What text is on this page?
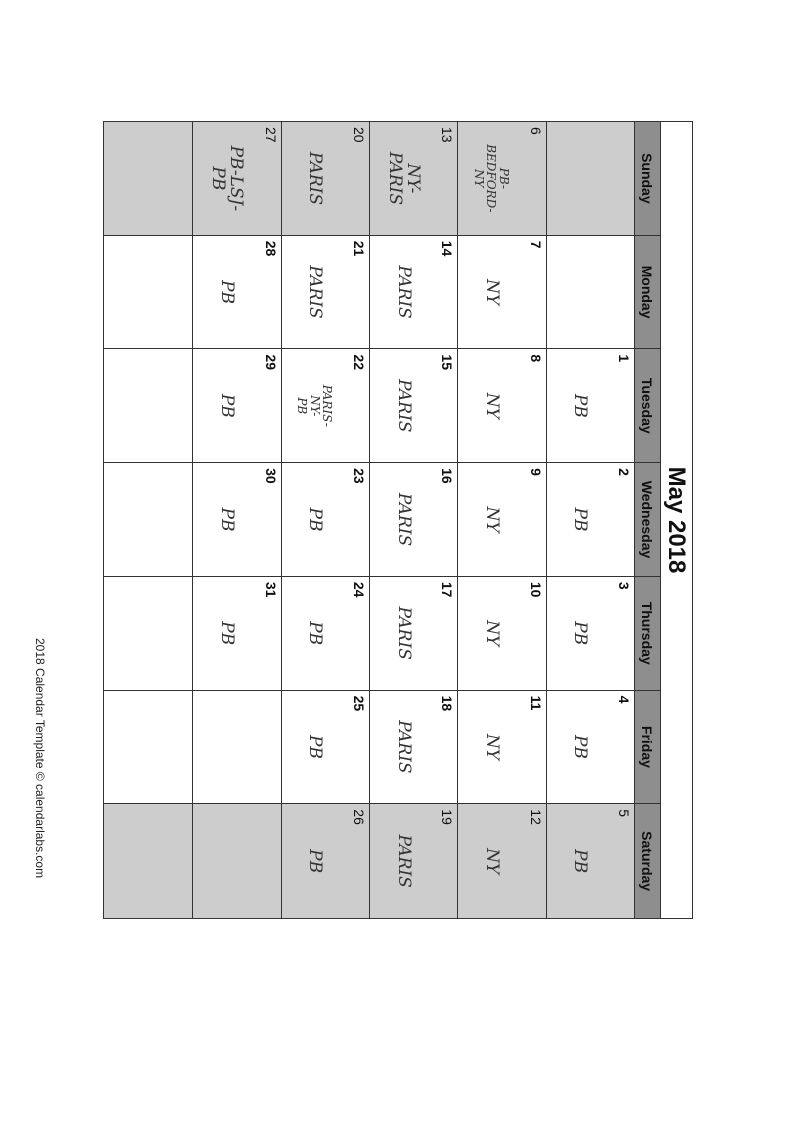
May 2018
Sunday
Monday
Tuesday
Wednesday
Thursday
Friday
Saturday
1
PB
2
PB
3
PB
4
PB
5
PB
6
PB-
BEDFORD-
NY
7
NY
8
NY
9
NY
10
NY
11
NY
12
NY
13
NY-
PARIS
14
PARIS
15
PARIS
16
PARIS
17
PARIS
18
PARIS
19
PARIS
20
PARIS
21
PARIS
22
PARIS-
NY-
PB
23
PB
24
PB
25
PB
26
PB
27
PB-LSJ-
PB
28
PB
29
PB
30
PB
31
PB
2018 Calendar Template © calendarlabs.com
